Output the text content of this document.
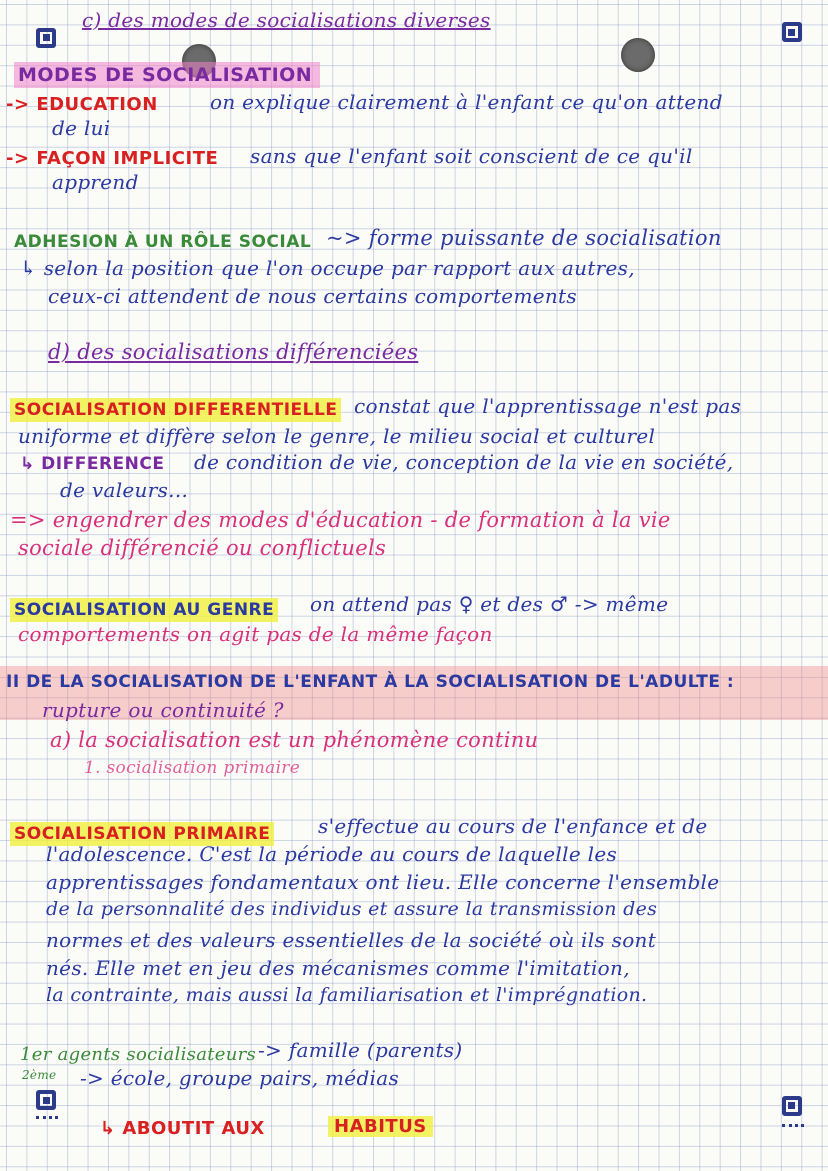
c) des modes de socialisations diverses
MODES DE SOCIALISATION
-> EDUCATION	on explique clairement à l'enfant ce qu'on attend
de lui
-> FAÇON IMPLICITE sans que l'enfant soit conscient de ce qu'il
apprend
ADHESION À UN RÔLE SOCIAL ~> forme puissante de socialisation
↳ selon la position que l'on occupe par rapport aux autres,
ceux-ci attendent de nous certains comportements
d) des socialisations différenciées
SOCIALISATION DIFFERENTIELLE constat que l'apprentissage n'est pas
uniforme et diffère selon le genre, le milieu social et culturel
↳ DIFFERENCE de condition de vie, conception de la vie en société,
de valeurs...
=> engendrer des modes d'éducation - de formation à la vie
sociale différencié ou conflictuels
SOCIALISATION AU GENRE on attend pas ♀ et des ♂ -> même
comportements on agit pas de la même façon
II DE LA SOCIALISATION DE L'ENFANT À LA SOCIALISATION DE L'ADULTE :
rupture ou continuité ?
a) la socialisation est un phénomène continu
1. socialisation primaire
SOCIALISATION PRIMAIRE s'effectue au cours de l'enfance et de
l'adolescence. C'est la période au cours de laquelle les
apprentissages fondamentaux ont lieu. Elle concerne l'ensemble
de la personnalité des individus et assure la transmission des
normes et des valeurs essentielles de la société où ils sont
nés. Elle met en jeu des mécanismes comme l'imitation,
la contrainte, mais aussi la familiarisation et l'imprégnation.
1er agents socialisateurs -> famille (parents)
2ème -> école, groupe pairs, médias
↳ ABOUTIT AUX	HABITUS
